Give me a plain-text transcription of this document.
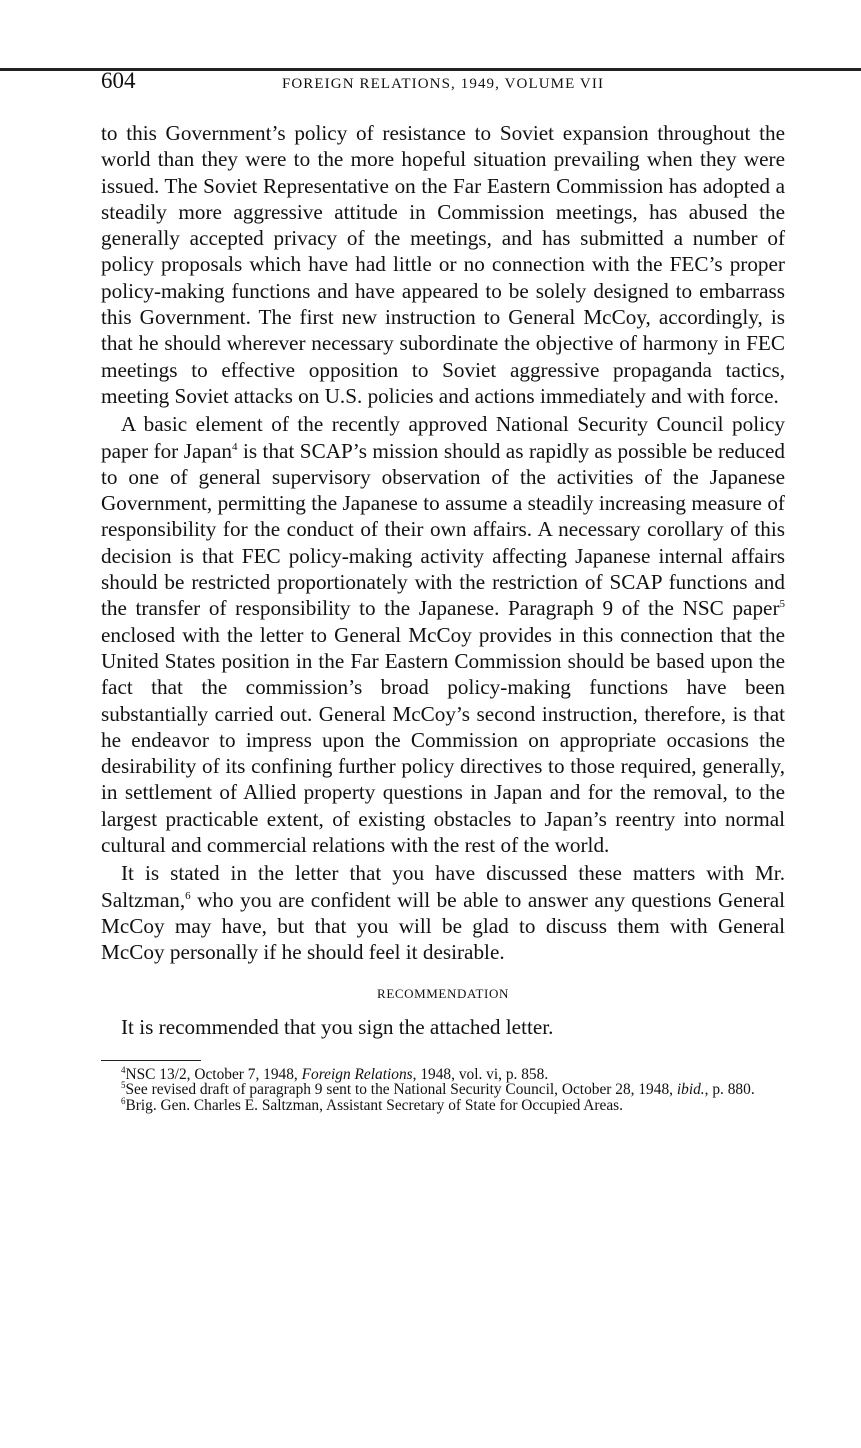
604	FOREIGN RELATIONS, 1949, VOLUME VII

to this Government’s policy of resistance to Soviet expansion throughout the world than they were to the more hopeful situation prevailing when they were issued. The Soviet Representative on the Far Eastern Commission has adopted a steadily more aggressive attitude in Commission meetings, has abused the generally accepted privacy of the meetings, and has submitted a number of policy proposals which have had little or no connection with the FEC’s proper policy-making functions and have appeared to be solely designed to embarrass this Government. The first new instruction to General McCoy, accordingly, is that he should wherever necessary subordinate the objective of harmony in FEC meetings to effective opposition to Soviet aggressive propaganda tactics, meeting Soviet attacks on U.S. policies and actions immediately and with force.

A basic element of the recently approved National Security Council policy paper for Japan$^4$ is that SCAP’s mission should as rapidly as possible be reduced to one of general supervisory observation of the activities of the Japanese Government, permitting the Japanese to assume a steadily increasing measure of responsibility for the conduct of their own affairs. A necessary corollary of this decision is that FEC policy-making activity affecting Japanese internal affairs should be restricted proportionately with the restriction of SCAP functions and the transfer of responsibility to the Japanese. Paragraph 9 of the NSC paper$^5$ enclosed with the letter to General McCoy provides in this connection that the United States position in the Far Eastern Commission should be based upon the fact that the commission’s broad policy-making functions have been substantially carried out. General McCoy’s second instruction, therefore, is that he endeavor to impress upon the Commission on appropriate occasions the desirability of its confining further policy directives to those required, generally, in settlement of Allied property questions in Japan and for the removal, to the largest practicable extent, of existing obstacles to Japan’s reentry into normal cultural and commercial relations with the rest of the world.

It is stated in the letter that you have discussed these matters with Mr. Saltzman,$^6$ who you are confident will be able to answer any questions General McCoy may have, but that you will be glad to discuss them with General McCoy personally if he should feel it desirable.

RECOMMENDATION

It is recommended that you sign the attached letter.

$^4$NSC 13/2, October 7, 1948, Foreign Relations, 1948, vol. vi, p. 858.

$^5$See revised draft of paragraph 9 sent to the National Security Council, October 28, 1948, ibid., p. 880.

$^6$Brig. Gen. Charles E. Saltzman, Assistant Secretary of State for Occupied Areas.
